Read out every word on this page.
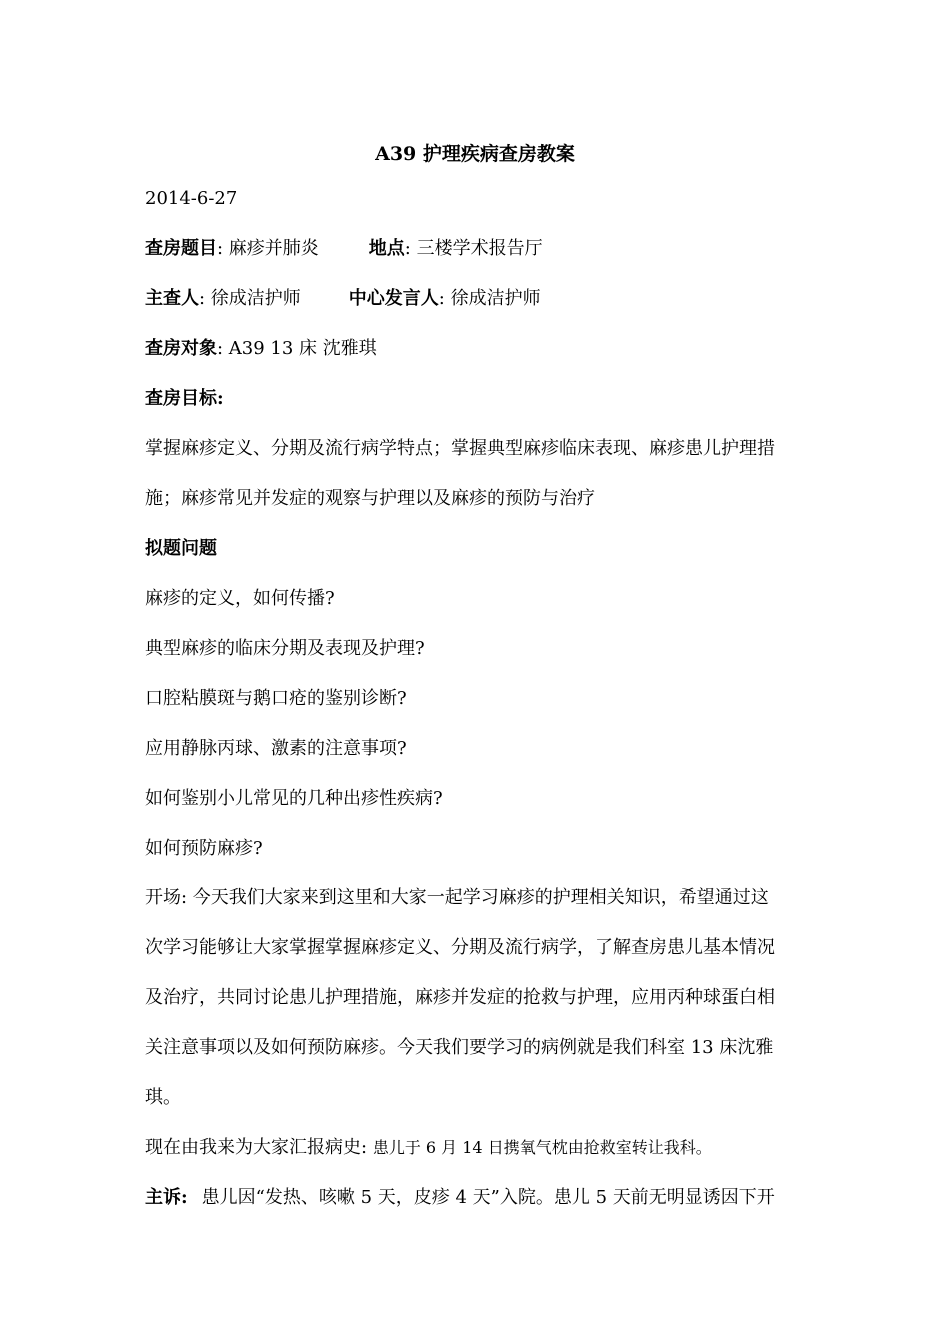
A39 护理疾病查房教案
2014-6-27
查房题目: 麻疹并肺炎	地点: 三楼学术报告厅
主查人: 徐成洁护师	中心发言人: 徐成洁护师
查房对象: A39 13 床 沈雅琪
查房目标:
掌握麻疹定义、分期及流行病学特点；掌握典型麻疹临床表现、麻疹患儿护理措
施；麻疹常见并发症的观察与护理以及麻疹的预防与治疗
拟题问题
麻疹的定义，如何传播?
典型麻疹的临床分期及表现及护理?
口腔粘膜斑与鹅口疮的鉴别诊断?
应用静脉丙球、激素的注意事项?
如何鉴别小儿常见的几种出疹性疾病?
如何预防麻疹?
开场: 今天我们大家来到这里和大家一起学习麻疹的护理相关知识，希望通过这
次学习能够让大家掌握掌握麻疹定义、分期及流行病学，了解查房患儿基本情况
及治疗，共同讨论患儿护理措施，麻疹并发症的抢救与护理，应用丙种球蛋白相
关注意事项以及如何预防麻疹。今天我们要学习的病例就是我们科室 13 床沈雅
琪。
现在由我来为大家汇报病史: 患儿于 6 月 14 日携氧气枕由抢救室转让我科。
主诉: 患儿因“发热、咳嗽 5 天，皮疹 4 天”入院。患儿 5 天前无明显诱因下开
